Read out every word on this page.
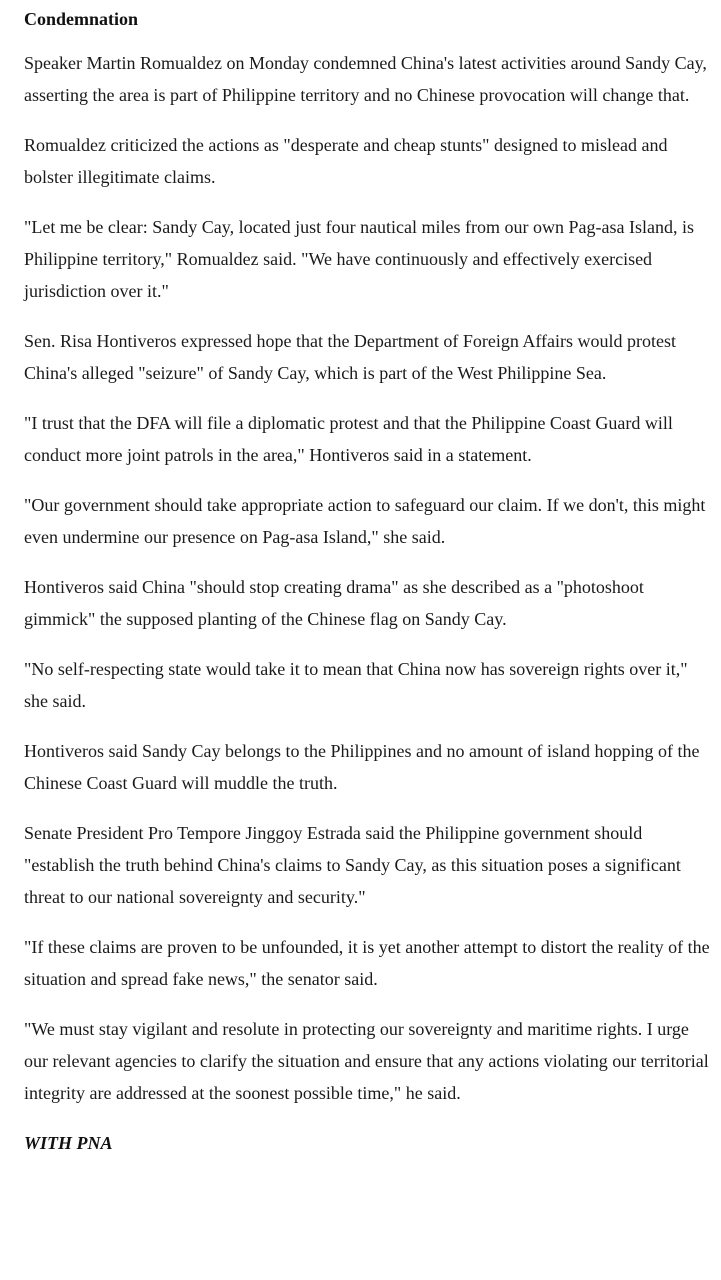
Condemnation

Speaker Martin Romualdez on Monday condemned China's latest activities around Sandy Cay, asserting the area is part of Philippine territory and no Chinese provocation will change that.

Romualdez criticized the actions as "desperate and cheap stunts" designed to mislead and bolster illegitimate claims.

"Let me be clear: Sandy Cay, located just four nautical miles from our own Pag-asa Island, is Philippine territory," Romualdez said. "We have continuously and effectively exercised jurisdiction over it."

Sen. Risa Hontiveros expressed hope that the Department of Foreign Affairs would protest China's alleged "seizure" of Sandy Cay, which is part of the West Philippine Sea.

"I trust that the DFA will file a diplomatic protest and that the Philippine Coast Guard will conduct more joint patrols in the area," Hontiveros said in a statement.

"Our government should take appropriate action to safeguard our claim. If we don't, this might even undermine our presence on Pag-asa Island," she said.

Hontiveros said China "should stop creating drama" as she described as a "photoshoot gimmick" the supposed planting of the Chinese flag on Sandy Cay.

"No self-respecting state would take it to mean that China now has sovereign rights over it," she said.

Hontiveros said Sandy Cay belongs to the Philippines and no amount of island hopping of the Chinese Coast Guard will muddle the truth.

Senate President Pro Tempore Jinggoy Estrada said the Philippine government should "establish the truth behind China's claims to Sandy Cay, as this situation poses a significant threat to our national sovereignty and security."

"If these claims are proven to be unfounded, it is yet another attempt to distort the reality of the situation and spread fake news," the senator said.

"We must stay vigilant and resolute in protecting our sovereignty and maritime rights. I urge our relevant agencies to clarify the situation and ensure that any actions violating our territorial integrity are addressed at the soonest possible time," he said.

WITH PNA
